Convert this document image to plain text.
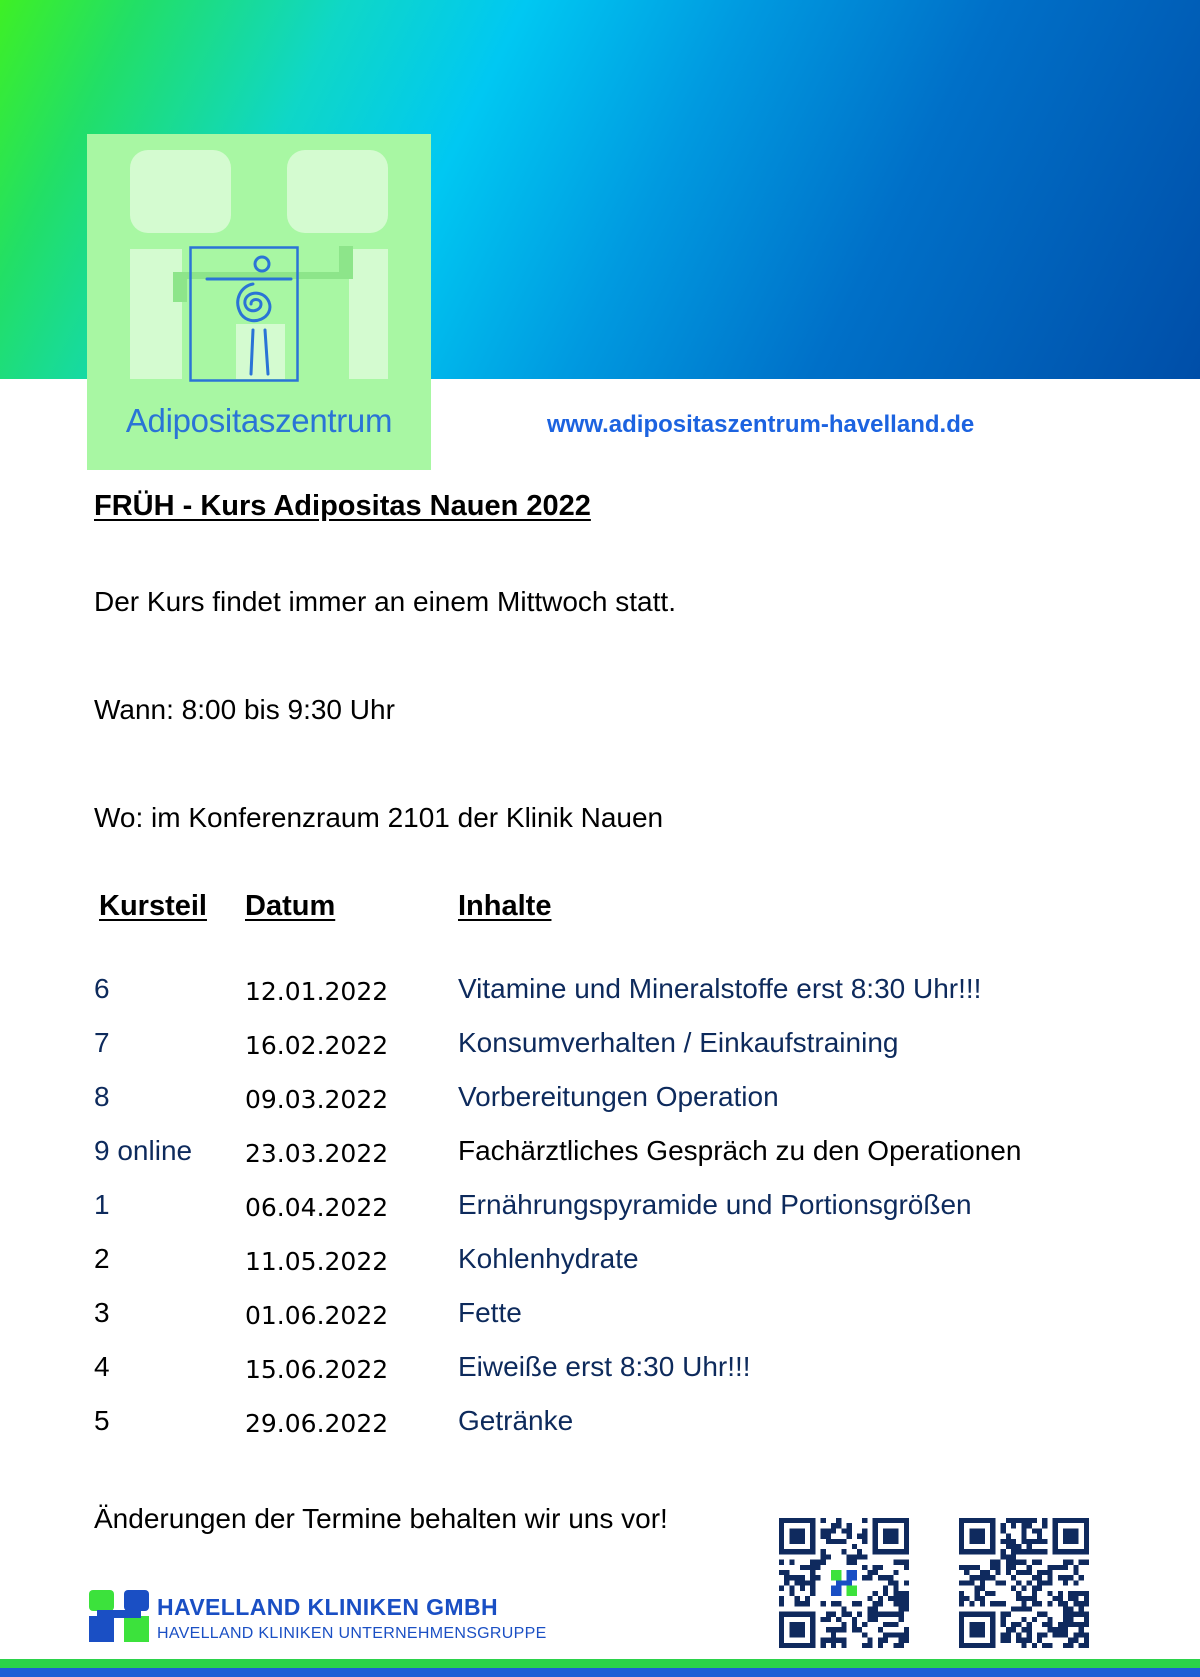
Adipositaszentrum	www.adipositaszentrum-havelland.de
FRÜH - Kurs Adipositas Nauen 2022
Der Kurs findet immer an einem Mittwoch statt.
Wann: 8:00 bis 9:30 Uhr
Wo: im Konferenzraum 2101 der Klinik Nauen
Kursteil Datum	Inhalte
6	12.01.2022 Vitamine und Mineralstoffe erst 8:30 Uhr!!!
7	16.02.2022 Konsumverhalten / Einkaufstraining
8	09.03.2022 Vorbereitungen Operation
9 online 23.03.2022 Fachärztliches Gespräch zu den Operationen
1	06.04.2022 Ernährungspyramide und Portionsgrößen
2	11.05.2022 Kohlenhydrate
3	01.06.2022 Fette
4	15.06.2022 Eiweiße erst 8:30 Uhr!!!
5	29.06.2022 Getränke
Änderungen der Termine behalten wir uns vor!
HAVELLAND KLINIKEN GMBH
HAVELLAND KLINIKEN UNTERNEHMENSGRUPPE
